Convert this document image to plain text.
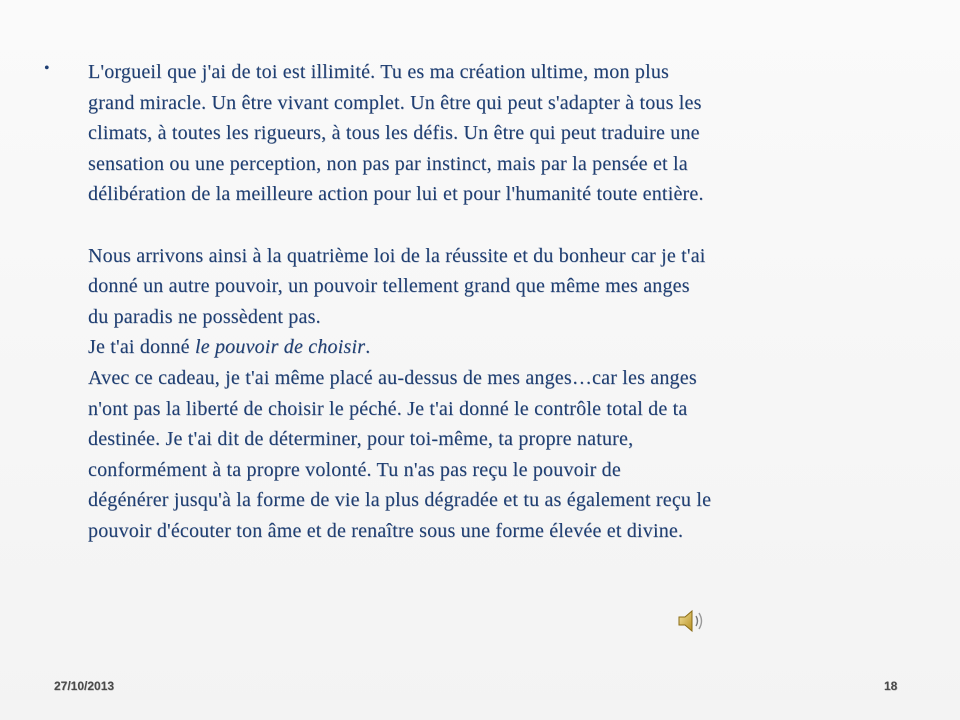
•	L'orgueil que j'ai de toi est illimité. Tu es ma création ultime, mon plus
grand miracle. Un être vivant complet. Un être qui peut s'adapter à tous les
climats, à toutes les rigueurs, à tous les défis. Un être qui peut traduire une
sensation ou une perception, non pas par instinct, mais par la pensée et la
délibération de la meilleure action pour lui et pour l'humanité toute entière.
Nous arrivons ainsi à la quatrième loi de la réussite et du bonheur car je t'ai
donné un autre pouvoir, un pouvoir tellement grand que même mes anges
du paradis ne possèdent pas.
Je t'ai donné le pouvoir de choisir.
Avec ce cadeau, je t'ai même placé au-dessus de mes anges…car les anges
n'ont pas la liberté de choisir le péché. Je t'ai donné le contrôle total de ta
destinée. Je t'ai dit de déterminer, pour toi-même, ta propre nature,
conformément à ta propre volonté. Tu n'as pas reçu le pouvoir de
dégénérer jusqu'à la forme de vie la plus dégradée et tu as également reçu le
pouvoir d'écouter ton âme et de renaître sous une forme élevée et divine.
27/10/2013	18
